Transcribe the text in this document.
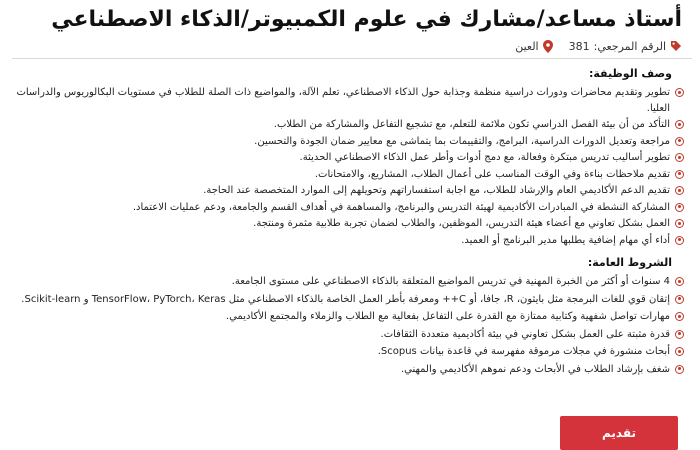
أستاذ مساعد/مشارك في علوم الكمبيوتر/الذكاء الاصطناعي
الرقم المرجعي:
381
العين
وصف الوظيفة:
تطوير وتقديم محاضرات ودورات دراسية منظمة وجذابة حول الذكاء الاصطناعي، تعلم الآلة، والمواضيع ذات الصلة للطلاب في مستويات البكالوريوس والدراسات العليا.
التأكد من أن بيئة الفصل الدراسي تكون ملائمة للتعلم، مع تشجيع التفاعل والمشاركة من الطلاب.
مراجعة وتعديل الدورات الدراسية، البرامج، والتقييمات بما يتماشى مع معايير ضمان الجودة والتحسين.
تطوير أساليب تدريس مبتكرة وفعالة، مع دمج أدوات وأطر عمل الذكاء الاصطناعي الحديثة.
تقديم ملاحظات بناءة وفي الوقت المناسب على أعمال الطلاب، المشاريع، والامتحانات.
تقديم الدعم الأكاديمي العام والإرشاد للطلاب، مع اجابة استفساراتهم وتحويلهم إلى الموارد المتخصصة عند الحاجة.
المشاركة النشطة في المبادرات الأكاديمية لهيئة التدريس والبرنامج، والمساهمة في أهداف القسم والجامعة، ودعم عمليات الاعتماد.
العمل بشكل تعاوني مع أعضاء هيئة التدريس، الموظفين، والطلاب لضمان تجربة طلابية مثمرة ومنتجة.
أداء أي مهام إضافية يطلبها مدير البرنامج أو العميد.
الشروط العامة:
4 سنوات أو أكثر من الخبرة المهنية في تدريس المواضيع المتعلقة بالذكاء الاصطناعي على مستوى الجامعة.
إتقان قوي للغات البرمجة مثل بايثون، R، جافا، أو C++ ومعرفة بأطر العمل الخاصة بالذكاء الاصطناعي مثل TensorFlow، PyTorch، Keras و Scikit-learn.
مهارات تواصل شفهية وكتابية ممتازة مع القدرة على التفاعل بفعالية مع الطلاب والزملاء والمجتمع الأكاديمي.
قدرة مثبتة على العمل بشكل تعاوني في بيئة أكاديمية متعددة الثقافات.
أبحاث منشورة في مجلات مرموقة مفهرسة في قاعدة بيانات Scopus.
شغف بإرشاد الطلاب في الأبحاث ودعم نموهم الأكاديمي والمهني.
تقديم
